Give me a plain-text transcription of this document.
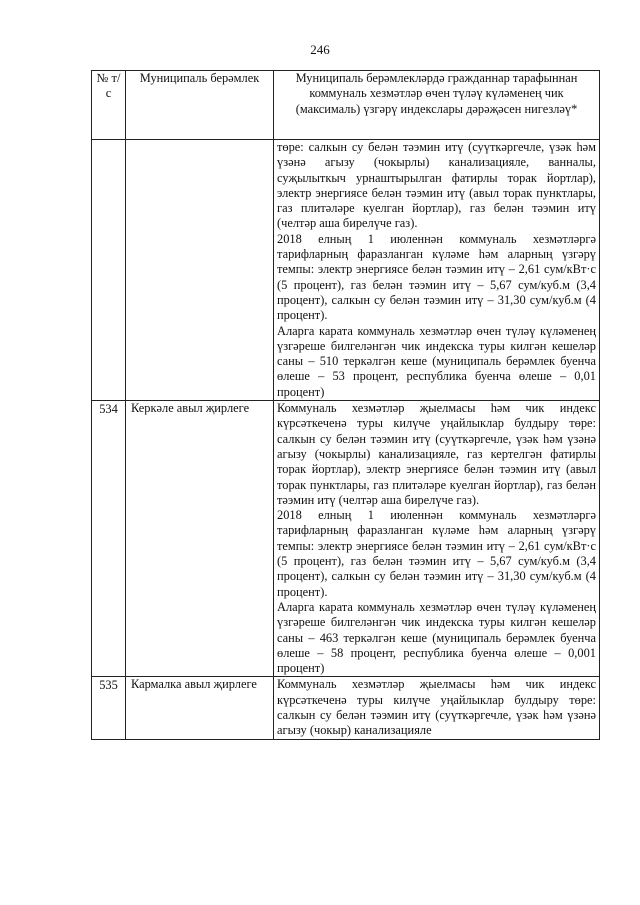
246
№ т/с	Муниципаль берәмлек	Муниципаль берәмлекләрдә гражданнар тарафыннан коммуналь хезмәтләр өчен түләү күләменең чик (максималь) үзгәрү индекслары дәрәҗәсен нигезләү*

		төре: салкын су белән тәэмин итү (суүткәргечле, үзәк һәм үзәнә агызу (чокырлы) канализацияле, ванналы, суҗылыткыч урнаштырылган фатирлы торак йортлар), электр энергиясе белән тәэмин итү (авыл торак пунктлары, газ плитәләре куелган йортлар), газ белән тәэмин итү (челтәр аша бирелүче газ).

2018 елның 1 июленнән коммуналь хезмәтләргә тарифларның фаразланган күләме һәм аларның үзгәрү темпы: электр энергиясе белән тәэмин итү – 2,61 сум/кВт·с (5 процент), газ белән тәэмин итү – 5,67 сум/куб.м (3,4 процент), салкын су белән тәэмин итү – 31,30 сум/куб.м (4 процент).

Аларга карата коммуналь хезмәтләр өчен түләү күләменең үзгәреше билгеләнгән чик индекска туры килгән кешеләр саны – 510 теркәлгән кеше (муниципаль берәмлек буенча өлеше – 53 процент, республика буенча өлеше – 0,01 процент)

534	Керкәле авыл җирлеге	Коммуналь хезмәтләр җыелмасы һәм чик индекс күрсәткеченә туры килүче уңайлыклар булдыру төре: салкын су белән тәэмин итү (суүткәргечле, үзәк һәм үзәнә агызу (чокырлы) канализацияле, газ кертелгән фатирлы торак йортлар), электр энергиясе белән тәэмин итү (авыл торак пунктлары, газ плитәләре куелган йортлар), газ белән тәэмин итү (челтәр аша бирелүче газ).

2018 елның 1 июленнән коммуналь хезмәтләргә тарифларның фаразланган күләме һәм аларның үзгәрү темпы: электр энергиясе белән тәэмин итү – 2,61 сум/кВт·с (5 процент), газ белән тәэмин итү – 5,67 сум/куб.м (3,4 процент), салкын су белән тәэмин итү – 31,30 сум/куб.м (4 процент).

Аларга карата коммуналь хезмәтләр өчен түләү күләменең үзгәреше билгеләнгән чик индекска туры килгән кешеләр саны – 463 теркәлгән кеше (муниципаль берәмлек буенча өлеше – 58 процент, республика буенча өлеше – 0,001 процент)

535	Кармалка авыл җирлеге	Коммуналь хезмәтләр җыелмасы һәм чик индекс күрсәткеченә туры килүче уңайлыклар булдыру төре: салкын су белән тәэмин итү (суүткәргечле, үзәк һәм үзәнә агызу (чокыр) канализацияле
